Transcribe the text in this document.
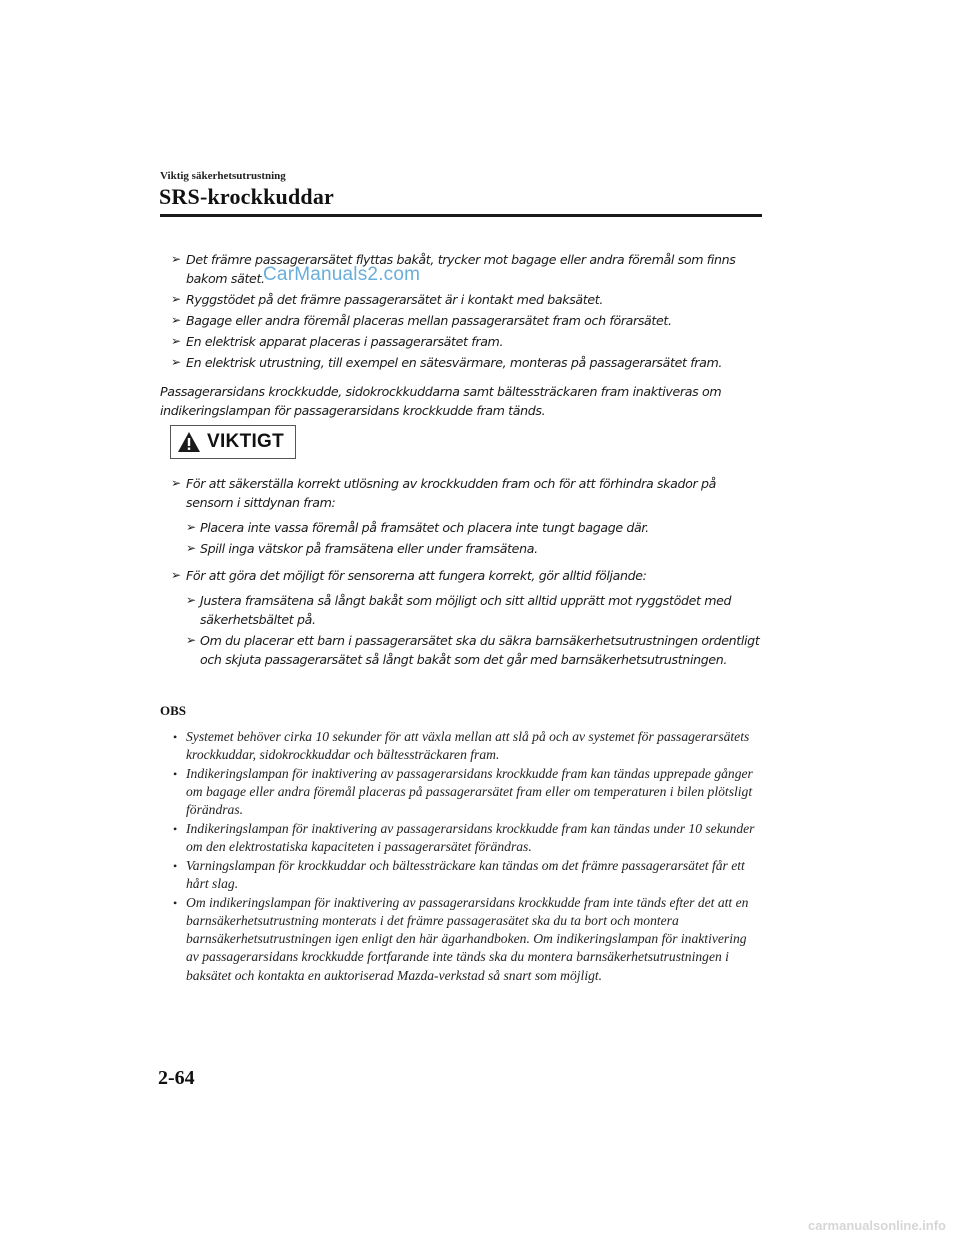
Viktig säkerhetsutrustning
SRS-krockkuddar
➢ Det främre passagerarsätet flyttas bakåt, trycker mot bagage eller andra föremål som finns bakom sätet.
➢ Ryggstödet på det främre passagerarsätet är i kontakt med baksätet.
➢ Bagage eller andra föremål placeras mellan passagerarsätet fram och förarsätet.
➢ En elektrisk apparat placeras i passagerarsätet fram.
➢ En elektrisk utrustning, till exempel en sätesvärmare, monteras på passagerarsätet fram.

Passagerarsidans krockkudde, sidokrockkuddarna samt bältessträckaren fram inaktiveras om indikeringslampan för passagerarsidans krockkudde fram tänds.

VIKTIGT
➢ För att säkerställa korrekt utlösning av krockkudden fram och för att förhindra skador på sensorn i sittdynan fram:
➢ Placera inte vassa föremål på framsätet och placera inte tungt bagage där.
➢ Spill inga vätskor på framsätena eller under framsätena.
➢ För att göra det möjligt för sensorerna att fungera korrekt, gör alltid följande:
➢ Justera framsätena så långt bakåt som möjligt och sitt alltid upprätt mot ryggstödet med säkerhetsbältet på.
➢ Om du placerar ett barn i passagerarsätet ska du säkra barnsäkerhetsutrustningen ordentligt och skjuta passagerarsätet så långt bakåt som det går med barnsäkerhetsutrustningen.
OBS
• Systemet behöver cirka 10 sekunder för att växla mellan att slå på och av systemet för passagerarsätets krockkuddar, sidokrockkuddar och bältessträckaren fram.
• Indikeringslampan för inaktivering av passagerarsidans krockkudde fram kan tändas upprepade gånger om bagage eller andra föremål placeras på passagerarsätet fram eller om temperaturen i bilen plötsligt förändras.
• Indikeringslampan för inaktivering av passagerarsidans krockkudde fram kan tändas under 10 sekunder om den elektrostatiska kapaciteten i passagerarsätet förändras.
• Varningslampan för krockkuddar och bältessträckare kan tändas om det främre passagerarsätet får ett hårt slag.
• Om indikeringslampan för inaktivering av passagerarsidans krockkudde fram inte tänds efter det att en barnsäkerhetsutrustning monterats i det främre passagerasätet ska du ta bort och montera barnsäkerhetsutrustningen igen enligt den här ägarhandboken. Om indikeringslampan för inaktivering av passagerarsidans krockkudde fortfarande inte tänds ska du montera barnsäkerhetsutrustningen i baksätet och kontakta en auktoriserad Mazda-verkstad så snart som möjligt.
2-64
CarManuals2.com
carmanualsonline.info
